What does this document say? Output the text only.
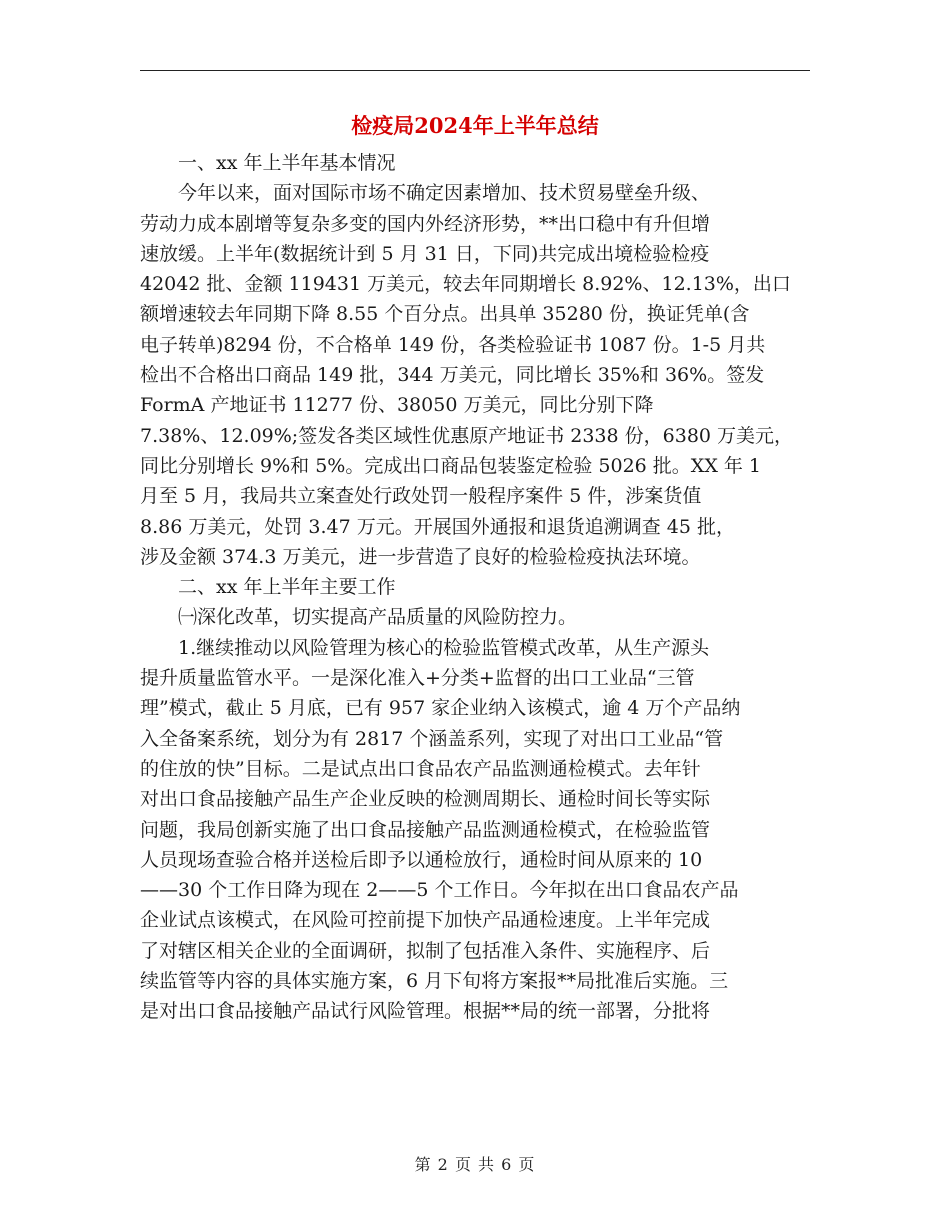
检疫局2024年上半年总结
一、xx 年上半年基本情况
今年以来，面对国际市场不确定因素增加、技术贸易壁垒升级、
劳动力成本剧增等复杂多变的国内外经济形势，**出口稳中有升但增
速放缓。上半年(数据统计到 5 月 31 日，下同)共完成出境检验检疫
42042 批、金额 119431 万美元，较去年同期增长 8.92%、12.13%，出口
额增速较去年同期下降 8.55 个百分点。出具单 35280 份，换证凭单(含
电子转单)8294 份，不合格单 149 份，各类检验证书 1087 份。1-5 月共
检出不合格出口商品 149 批，344 万美元，同比增长 35%和 36%。签发
FormA 产地证书 11277 份、38050 万美元，同比分别下降
7.38%、12.09%;签发各类区域性优惠原产地证书 2338 份，6380 万美元，
同比分别增长 9%和 5%。完成出口商品包装鉴定检验 5026 批。XX 年 1
月至 5 月，我局共立案查处行政处罚一般程序案件 5 件，涉案货值
8.86 万美元，处罚 3.47 万元。开展国外通报和退货追溯调查 45 批，
涉及金额 374.3 万美元，进一步营造了良好的检验检疫执法环境。
二、xx 年上半年主要工作
㈠深化改革，切实提高产品质量的风险防控力。
1.继续推动以风险管理为核心的检验监管模式改革，从生产源头
提升质量监管水平。一是深化准入+分类+监督的出口工业品“三管
理”模式，截止 5 月底，已有 957 家企业纳入该模式，逾 4 万个产品纳
入全备案系统，划分为有 2817 个涵盖系列，实现了对出口工业品“管
的住放的快”目标。二是试点出口食品农产品监测通检模式。去年针
对出口食品接触产品生产企业反映的检测周期长、通检时间长等实际
问题，我局创新实施了出口食品接触产品监测通检模式，在检验监管
人员现场查验合格并送检后即予以通检放行，通检时间从原来的 10
——30 个工作日降为现在 2——5 个工作日。今年拟在出口食品农产品
企业试点该模式，在风险可控前提下加快产品通检速度。上半年完成
了对辖区相关企业的全面调研，拟制了包括准入条件、实施程序、后
续监管等内容的具体实施方案，6 月下旬将方案报**局批准后实施。三
是对出口食品接触产品试行风险管理。根据**局的统一部署，分批将
第 2 页 共 6 页
